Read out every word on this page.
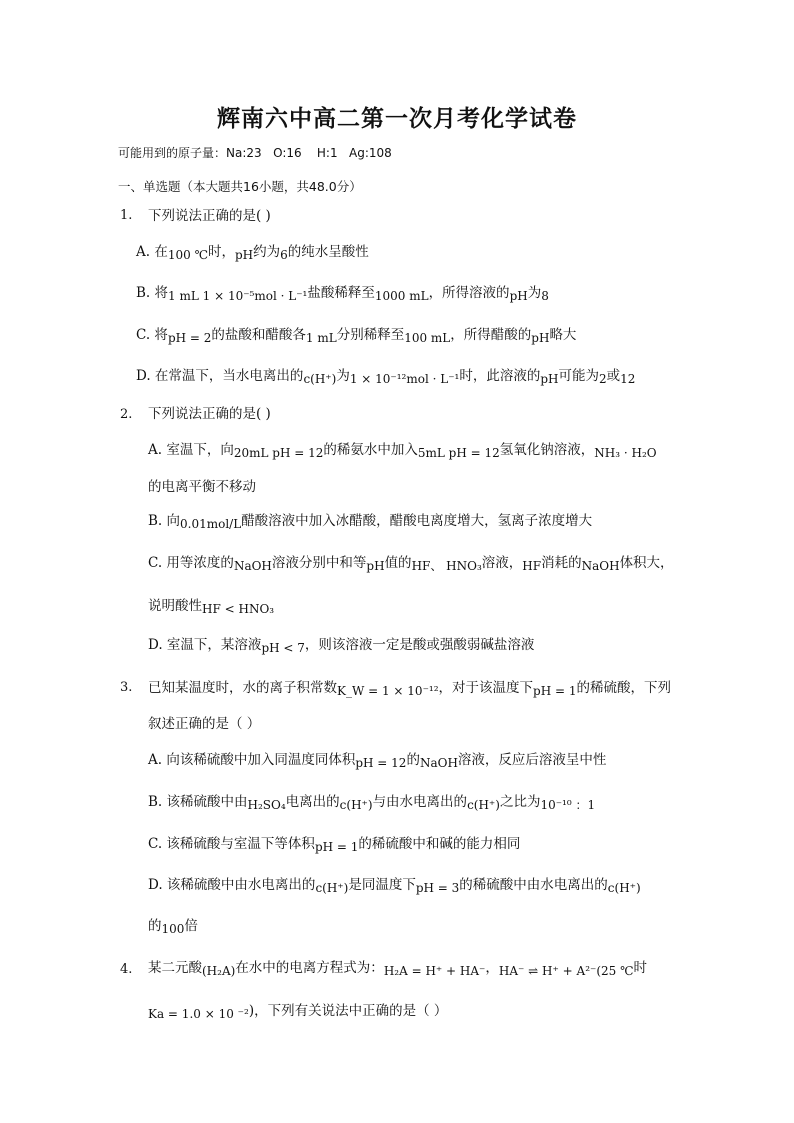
辉南六中高二第一次月考化学试卷
可能用到的原子量：Na:23   O:16    H:1   Ag:108
一、单选题（本大题共16小题，共48.0分）
1. 下列说法正确的是( )
A. 在100 ℃时，pH约为6的纯水呈酸性
B. 将1 mL 1 × 10⁻⁵mol · L⁻¹盐酸稀释至1000 mL，所得溶液的pH为8
C. 将pH = 2的盐酸和醋酸各1 mL分别稀释至100 mL，所得醋酸的pH略大
D. 在常温下，当水电离出的c(H⁺)为1 × 10⁻¹²mol · L⁻¹时，此溶液的pH可能为2或12
2. 下列说法正确的是( )
A. 室温下，向20mL pH = 12的稀氨水中加入5mL pH = 12氢氧化钠溶液，NH₃ · H₂O
的电离平衡不移动
B. 向0.01mol/L醋酸溶液中加入冰醋酸，醋酸电离度增大，氢离子浓度增大
C. 用等浓度的NaOH溶液分别中和等pH值的HF、 HNO₃溶液，HF消耗的NaOH体积大，
说明酸性HF < HNO₃
D. 室温下，某溶液pH < 7，则该溶液一定是酸或强酸弱碱盐溶液
3. 已知某温度时，水的离子积常数K_W = 1 × 10⁻¹²，对于该温度下pH = 1的稀硫酸，下列
叙述正确的是（ ）
A. 向该稀硫酸中加入同温度同体积pH = 12的NaOH溶液，反应后溶液呈中性
B. 该稀硫酸中由H₂SO₄电离出的c(H⁺)与由水电离出的c(H⁺)之比为10⁻¹⁰ ：1
C. 该稀硫酸与室温下等体积pH = 1的稀硫酸中和碱的能力相同
D. 该稀硫酸中由水电离出的c(H⁺)是同温度下pH = 3的稀硫酸中由水电离出的c(H⁺)
的100倍
4. 某二元酸(H₂A)在水中的电离方程式为：H₂A = H⁺ + HA⁻，HA⁻ ⇌ H⁺ + A²⁻(25 ℃时
Ka = 1.0 × 10 ⁻²)，下列有关说法中正确的是（ ）
